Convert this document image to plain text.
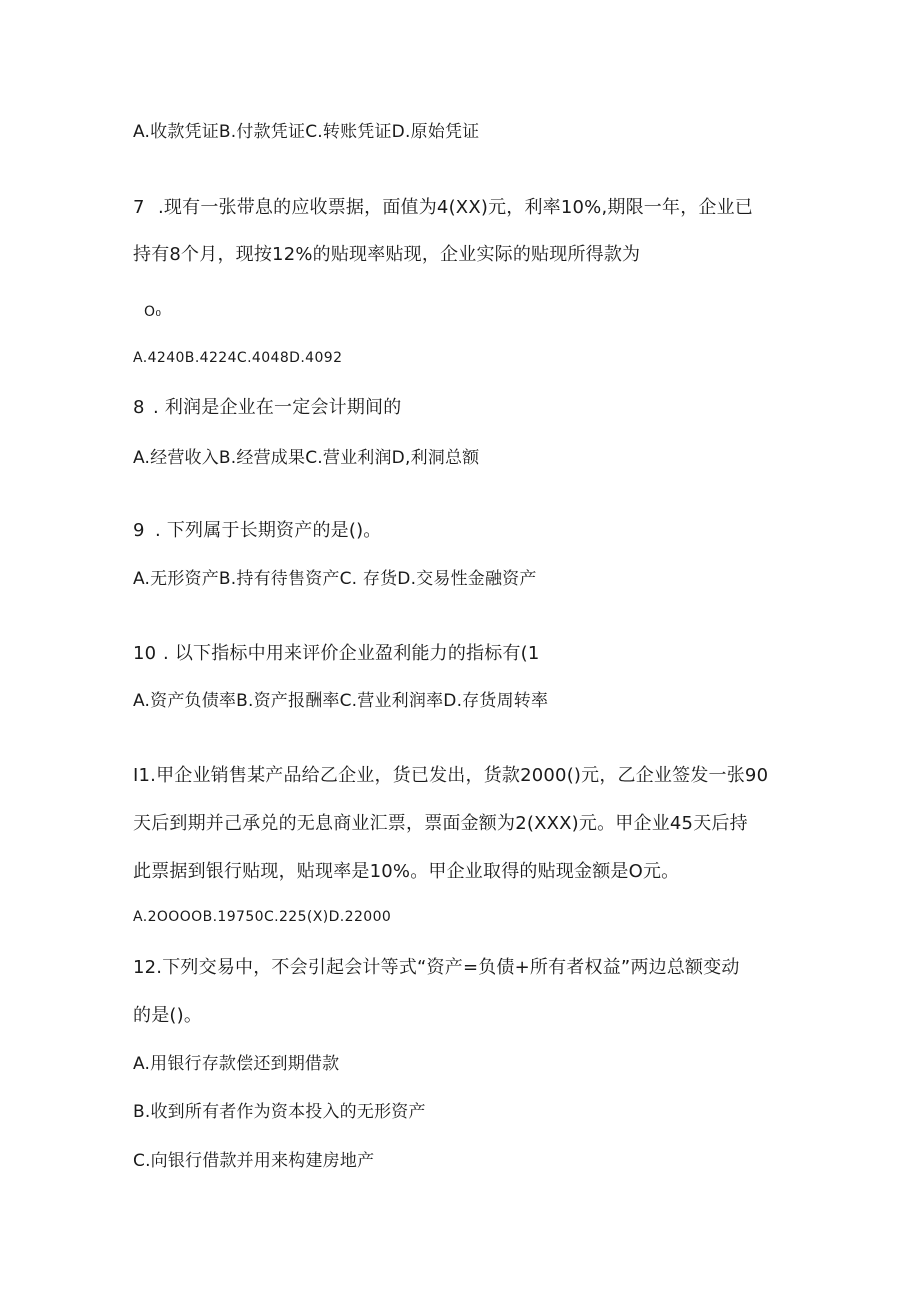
A.收款凭证B.付款凭证C.转账凭证D.原始凭证
7 .现有一张带息的应收票据，面值为4(XX)元，利率10%,期限一年，企业已
持有8个月，现按12%的贴现率贴现，企业实际的贴现所得款为
O₀
A.4240B.4224C.4048D.4092
8 . 利润是企业在一定会计期间的
A.经营收入B.经营成果C.营业利润D,利洞总额
9 . 下列属于长期资产的是()。
A.无形资产B.持有待售资产C. 存货D.交易性金融资产
10 . 以下指标中用来评价企业盈利能力的指标有(1
A.资产负债率B.资产报酬率C.营业利润率D.存货周转率
I1.甲企业销售某产品给乙企业，货已发出，货款2000()元，乙企业签发一张90
天后到期并己承兑的无息商业汇票，票面金额为2(XXX)元。甲企业45天后持
此票据到银行贴现，贴现率是10%。甲企业取得的贴现金额是O元。
A.2OOOOB.19750C.225(X)D.22000
12.下列交易中，不会引起会计等式“资产=负债+所有者权益”两边总额变动
的是()。
A.用银行存款偿还到期借款
B.收到所有者作为资本投入的无形资产
C.向银行借款并用来构建房地产
